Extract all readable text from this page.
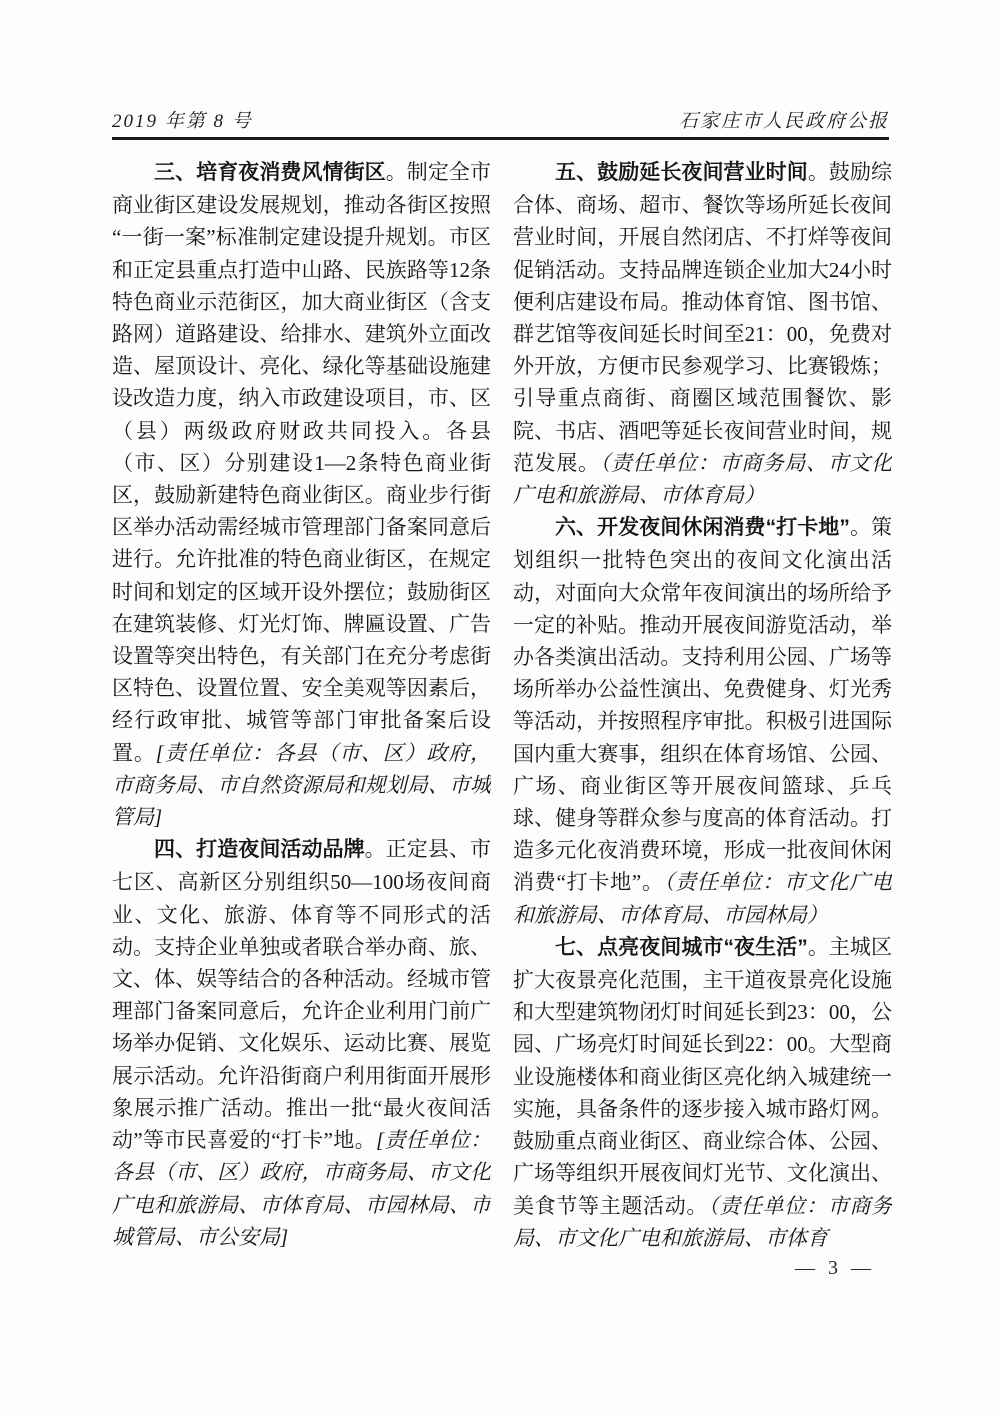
2019 年第 8 号	石家庄市人民政府公报

三、培育夜消费风情街区。制定全市商业街区建设发展规划，推动各街区按照“一街一案”标准制定建设提升规划。市区和正定县重点打造中山路、民族路等12条特色商业示范街区，加大商业街区（含支路网）道路建设、给排水、建筑外立面改造、屋顶设计、亮化、绿化等基础设施建设改造力度，纳入市政建设项目，市、区（县）两级政府财政共同投入。各县（市、区）分别建设1—2条特色商业街区，鼓励新建特色商业街区。商业步行街区举办活动需经城市管理部门备案同意后进行。允许批准的特色商业街区，在规定时间和划定的区域开设外摆位；鼓励街区在建筑装修、灯光灯饰、牌匾设置、广告设置等突出特色，有关部门在充分考虑街区特色、设置位置、安全美观等因素后，经行政审批、城管等部门审批备案后设置。[责任单位：各县（市、区）政府，市商务局、市自然资源局和规划局、市城管局]

四、打造夜间活动品牌。正定县、市七区、高新区分别组织50—100场夜间商业、文化、旅游、体育等不同形式的活动。支持企业单独或者联合举办商、旅、文、体、娱等结合的各种活动。经城市管理部门备案同意后，允许企业利用门前广场举办促销、文化娱乐、运动比赛、展览展示活动。允许沿街商户利用街面开展形象展示推广活动。推出一批“最火夜间活动”等市民喜爱的“打卡”地。[责任单位：各县（市、区）政府，市商务局、市文化广电和旅游局、市体育局、市园林局、市城管局、市公安局]

五、鼓励延长夜间营业时间。鼓励综合体、商场、超市、餐饮等场所延长夜间营业时间，开展自然闭店、不打烊等夜间促销活动。支持品牌连锁企业加大24小时便利店建设布局。推动体育馆、图书馆、群艺馆等夜间延长时间至21：00，免费对外开放，方便市民参观学习、比赛锻炼；引导重点商街、商圈区域范围餐饮、影院、书店、酒吧等延长夜间营业时间，规范发展。（责任单位：市商务局、市文化广电和旅游局、市体育局）

六、开发夜间休闲消费“打卡地”。策划组织一批特色突出的夜间文化演出活动，对面向大众常年夜间演出的场所给予一定的补贴。推动开展夜间游览活动，举办各类演出活动。支持利用公园、广场等场所举办公益性演出、免费健身、灯光秀等活动，并按照程序审批。积极引进国际国内重大赛事，组织在体育场馆、公园、广场、商业街区等开展夜间篮球、乒乓球、健身等群众参与度高的体育活动。打造多元化夜消费环境，形成一批夜间休闲消费“打卡地”。（责任单位：市文化广电和旅游局、市体育局、市园林局）

七、点亮夜间城市“夜生活”。主城区扩大夜景亮化范围，主干道夜景亮化设施和大型建筑物闭灯时间延长到23：00，公园、广场亮灯时间延长到22：00。大型商业设施楼体和商业街区亮化纳入城建统一实施，具备条件的逐步接入城市路灯网。鼓励重点商业街区、商业综合体、公园、广场等组织开展夜间灯光节、文化演出、美食节等主题活动。（责任单位：市商务局、市文化广电和旅游局、市体育

— 3 —
